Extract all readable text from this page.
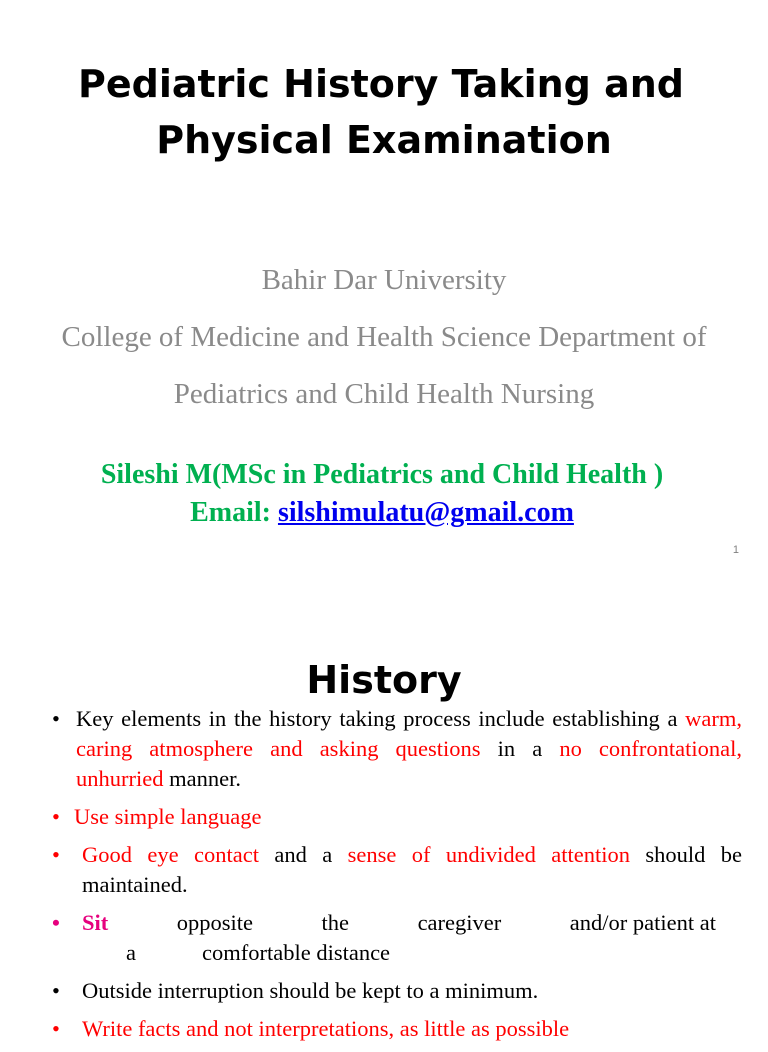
Pediatric History Taking and
Physical Examination
Bahir Dar University
College of Medicine and Health Science Department of
Pediatrics and Child Health Nursing
Sileshi M(MSc in Pediatrics and Child Health )
Email: silshimulatu@gmail.com
1
History
• Key elements in the history taking process include establishing a warm, caring atmosphere and asking questions in a no confrontational, unhurried manner.
• Use simple language
• Good eye contact and a sense of undivided attention should be maintained.
• Sit	opposite	the	caregiver	and/or patient at
a	comfortable distance
• Outside interruption should be kept to a minimum.
• Write facts and not interpretations, as little as possible
